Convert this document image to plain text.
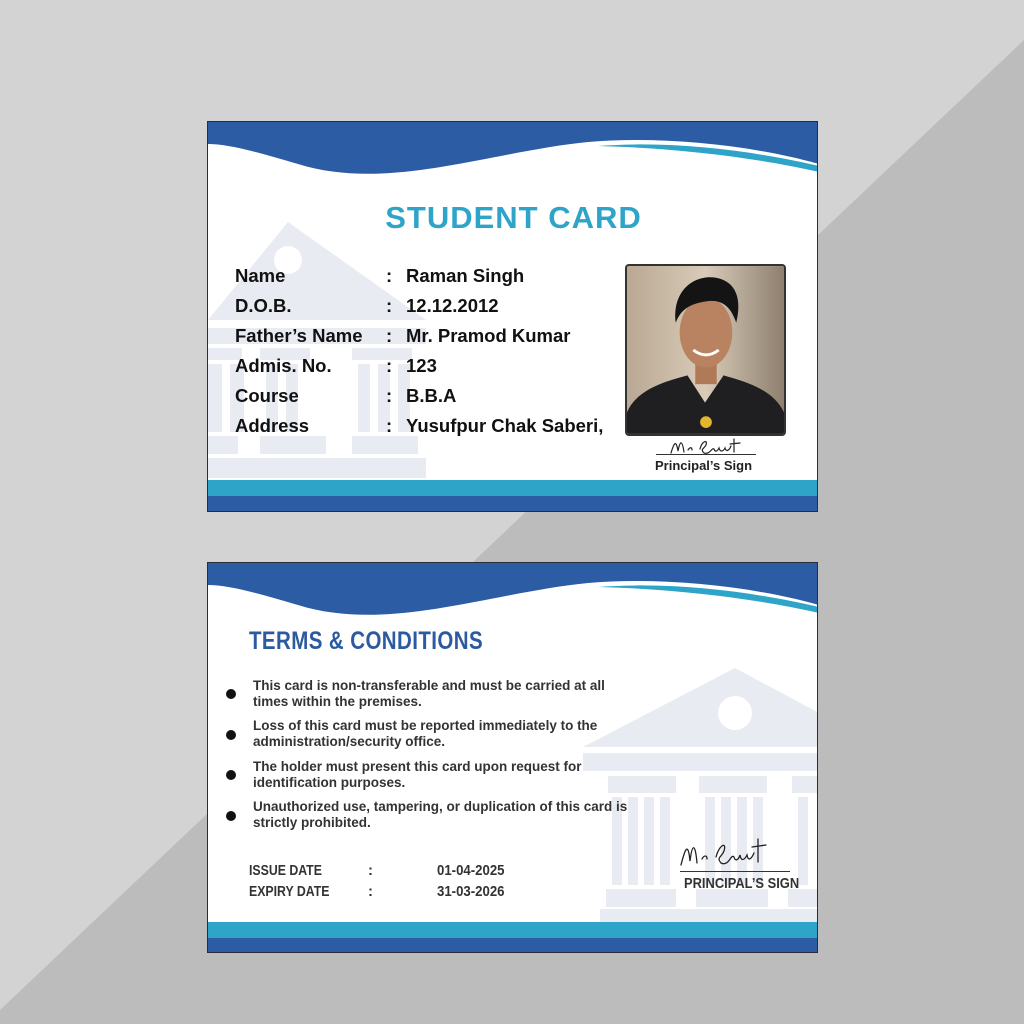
STUDENT CARD

Name	: Raman Singh

D.O.B.	: 12.12.2012

Father’s Name : Mr. Pramod Kumar

Admis. No.	: 123

Course	: B.B.A

Address	: Yusufpur Chak Saberi,

Principal’s Sign

TERMS & CONDITIONS

This card is non-transferable and must be carried at all times within the premises.

Loss of this card must be reported immediately to the administration/security office.

The holder must present this card upon request for identification purposes.

Unauthorized use, tampering, or duplication of this card is strictly prohibited.

ISSUE DATE	:	01-04-2025

EXPIRY DATE	:	31-03-2026	PRINCIPAL’S SIGN
